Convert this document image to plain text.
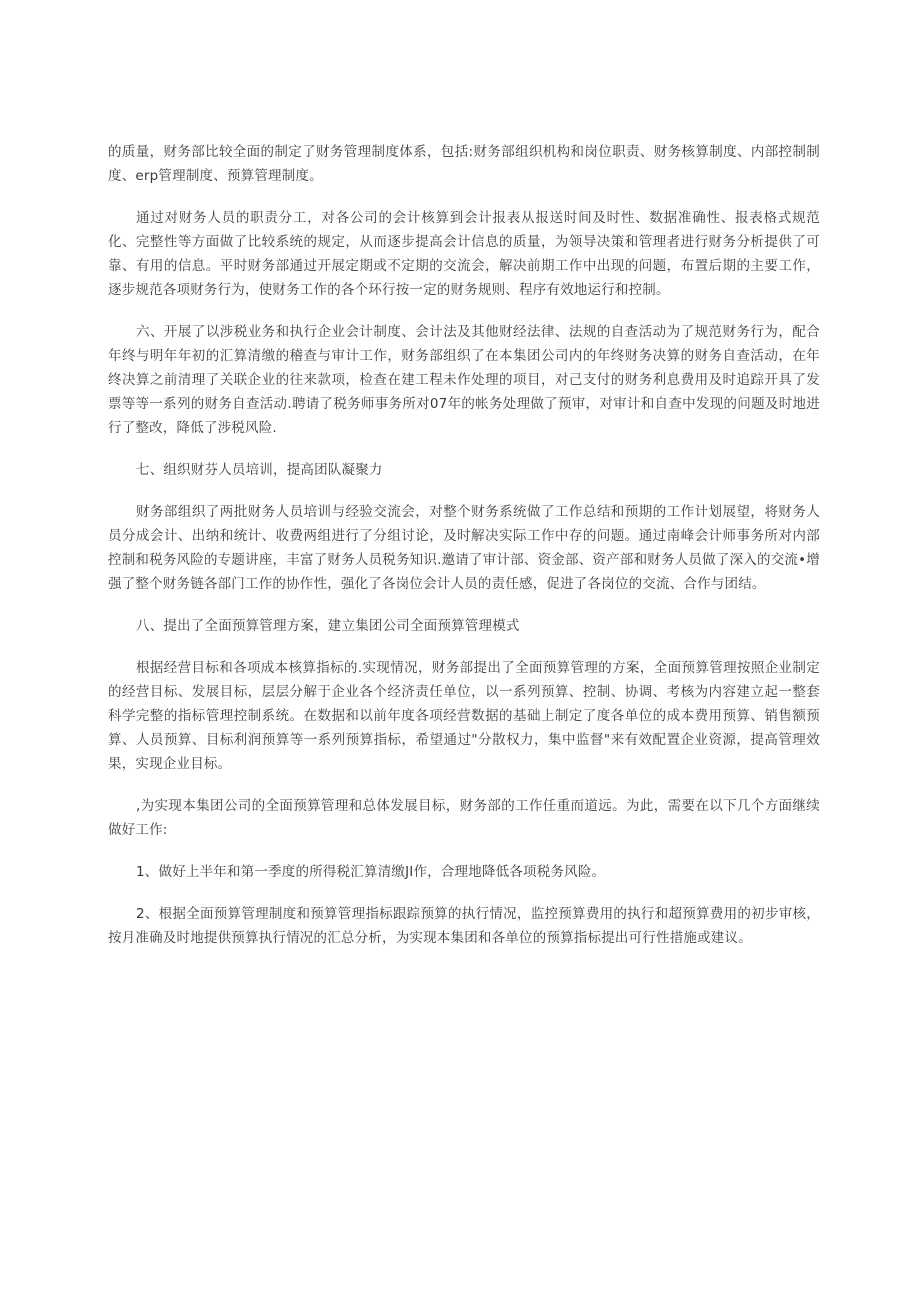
的质量，财务部比较全面的制定了财务管理制度体系，包括:财务部组织机构和岗位职责、财务核算制度、内部控制制度、erp管理制度、预算管理制度。

通过对财务人员的职责分工，对各公司的会计核算到会计报表从报送时间及时性、数据准确性、报表格式规范化、完整性等方面做了比较系统的规定，从而逐步提高会计信息的质量，为领导决策和管理者进行财务分析提供了可靠、有用的信息。平时财务部通过开展定期或不定期的交流会，解决前期工作中出现的问题，布置后期的主要工作，逐步规范各项财务行为，使财务工作的各个环行按一定的财务规则、程序有效地运行和控制。

六、开展了以涉税业务和执行企业会计制度、会计法及其他财经法律、法规的自查活动为了规范财务行为，配合年终与明年年初的汇算清缴的稽查与审计工作，财务部组织了在本集团公司内的年终财务决算的财务自查活动，在年终决算之前清理了关联企业的往来款项，检查在建工程未作处理的项目，对己支付的财务利息费用及时追踪开具了发票等等一系列的财务自查活动.聘请了税务师事务所对07年的帐务处理做了预审，对审计和自查中发现的问题及时地进行了整改，降低了涉税风险.

七、组织财芬人员培训，提高团队凝聚力

财务部组织了两批财务人员培训与经验交流会，对整个财务系统做了工作总结和预期的工作计划展望，将财务人员分成会计、出纳和统计、收费两组进行了分组讨论，及时解决实际工作中存的问题。通过南峰会计师事务所对内部控制和税务风险的专题讲座，丰富了财务人员税务知识.邀请了审计部、资金部、资产部和财务人员做了深入的交流•增强了整个财务链各部门工作的协作性，强化了各岗位会计人员的责任感，促进了各岗位的交流、合作与团结。

八、提出了全面预算管理方案，建立集团公司全面预算管理模式

根据经营目标和各项成本核算指标的.实现情况，财务部提出了全面预算管理的方案，全面预算管理按照企业制定的经营目标、发展目标，层层分解于企业各个经济责任单位，以一系列预算、控制、协调、考核为内容建立起一整套科学完整的指标管理控制系统。在数据和以前年度各项经营数据的基础上制定了度各单位的成本费用预算、销售额预算、人员预算、目标利润预算等一系列预算指标，希望通过"分散权力，集中监督"来有效配置企业资源，提高管理效果，实现企业目标。

,为实现本集团公司的全面预算管理和总体发展目标，财务部的工作任重而道远。为此，需要在以下几个方面继续做好工作:

1、做好上半年和第一季度的所得税汇算清缴JI作，合理地降低各项税务风险。

2、根据全面预算管理制度和预算管理指标跟踪预算的执行情况，监控预算费用的执行和超预算费用的初步审核，按月准确及时地提供预算执行情况的汇总分析，为实现本集团和各单位的预算指标提出可行性措施或建议。
